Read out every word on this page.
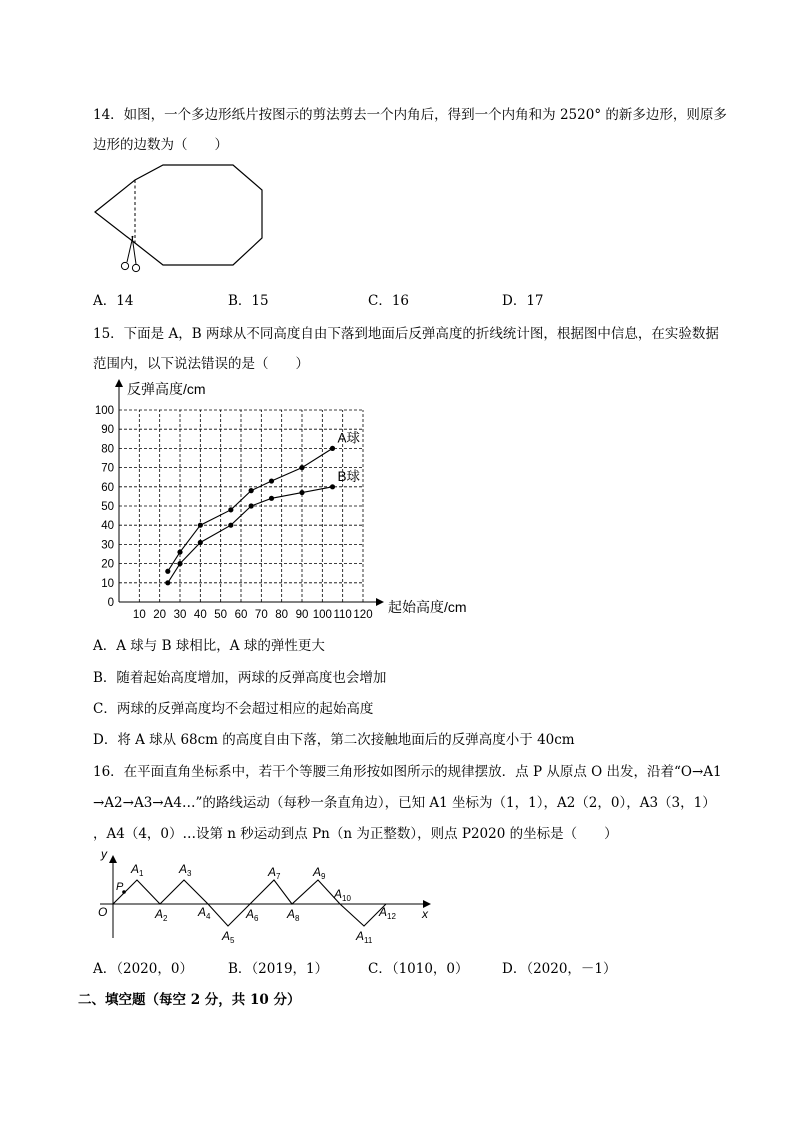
14．如图，一个多边形纸片按图示的剪法剪去一个内角后，得到一个内角和为 2520° 的新多边形，则原多
边形的边数为（　　）
A．14	B．15	C．16	D．17
15．下面是 A，B 两球从不同高度自由下落到地面后反弹高度的折线统计图，根据图中信息，在实验数据
范围内，以下说法错误的是（　　）
10 20 30 40 50 60 70 80 90 100 110 120
0
10
20
30
40
50
60
70
80
90
100
反弹高度/cm
起始高度/cm
A球
B球
A．A 球与 B 球相比，A 球的弹性更大
B．随着起始高度增加，两球的反弹高度也会增加
C．两球的反弹高度均不会超过相应的起始高度
D．将 A 球从 68cm 的高度自由下落，第二次接触地面后的反弹高度小于 40cm
16．在平面直角坐标系中，若干个等腰三角形按如图所示的规律摆放．点 P 从原点 O 出发，沿着“O→A1
→A2→A3→A4…”的路线运动（每秒一条直角边），已知 A1 坐标为（1，1），A2（2，0），A3（3，1）
，A4（4，0）…设第 n 秒运动到点 Pn（n 为正整数），则点 P2020 的坐标是（　　）
x
y
O
P
$A_1$
$A_2$
$A_3$
$A_4$
$A_5$
$A_6$
$A_7$
$A_8$
$A_9$
$A_{10}$
$A_{11}$
$A_{12}$
A．（2020，0）	B．（2019，1）	C．（1010，0） D．（2020，－1）
二、填空题（每空 2 分，共 10 分）
